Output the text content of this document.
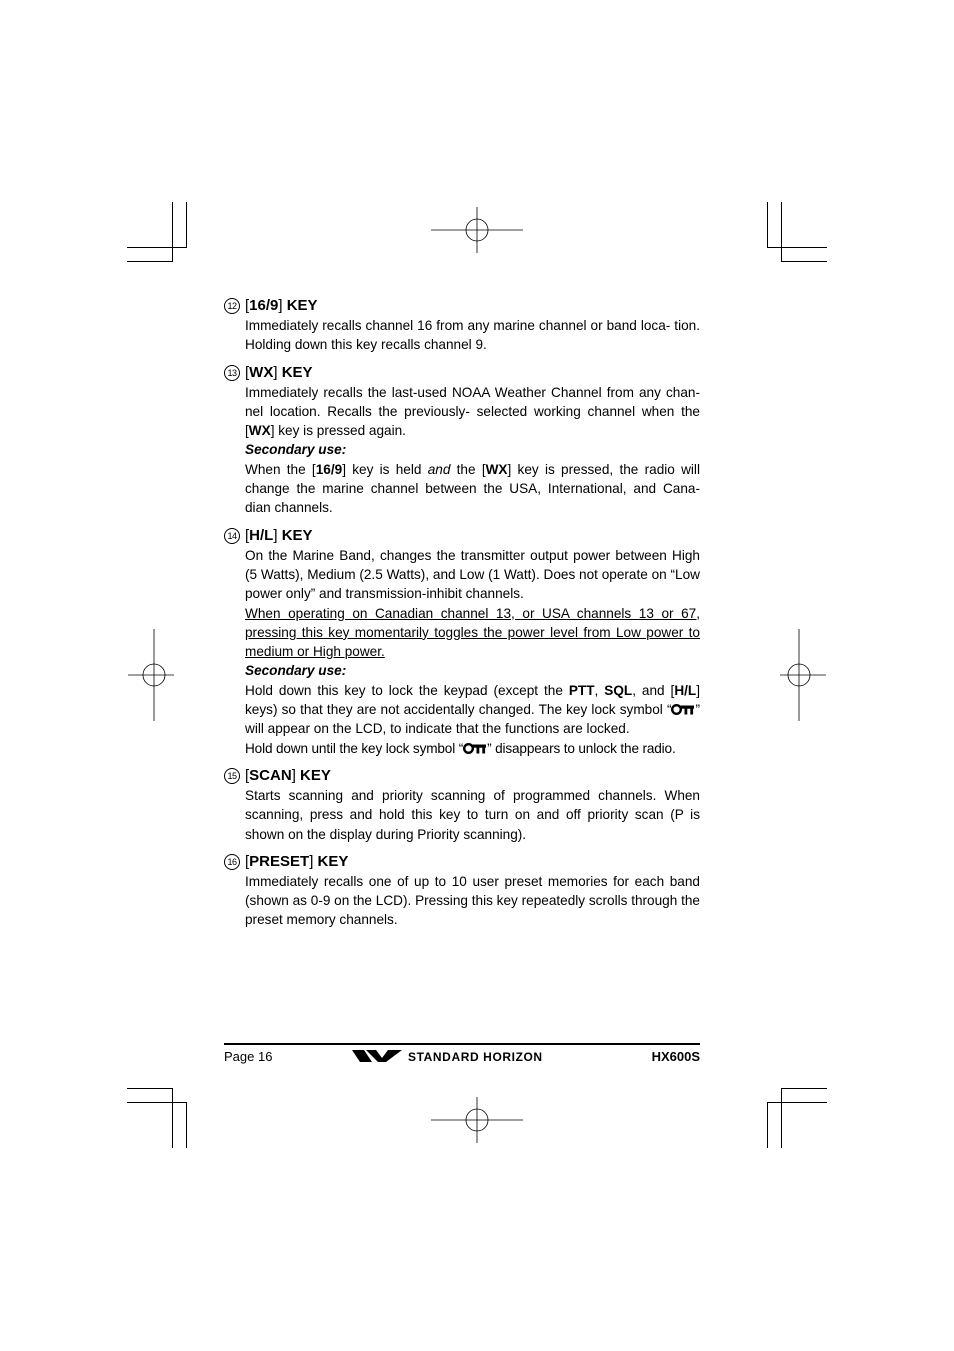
12 [16/9] KEY

Immediately recalls channel 16 from any marine channel or band loca- tion. Holding down this key recalls channel 9.

13 [WX] KEY

Immediately recalls the last-used NOAA Weather Channel from any chan- nel location. Recalls the previously- selected working channel when the [WX] key is pressed again.

Secondary use:

When the [16/9] key is held and the [WX] key is pressed, the radio will change the marine channel between the USA, International, and Cana- dian channels.

14 [H/L] KEY

On the Marine Band, changes the transmitter output power between High (5 Watts), Medium (2.5 Watts), and Low (1 Watt). Does not operate on “Low power only” and transmission-inhibit channels.

When operating on Canadian channel 13, or USA channels 13 or 67, pressing this key momentarily toggles the power level from Low power to medium or High power.

Secondary use:

Hold down this key to lock the keypad (except the PTT, SQL, and [H/L] keys) so that they are not accidentally changed. The key lock symbol “ ” will appear on the LCD, to indicate that the functions are locked.

Hold down until the key lock symbol “ ” disappears to unlock the radio.

15 [SCAN] KEY

Starts scanning and priority scanning of programmed channels. When scanning, press and hold this key to turn on and off priority scan (P is shown on the display during Priority scanning).

16 [PRESET] KEY

Immediately recalls one of up to 10 user preset memories for each band (shown as 0-9 on the LCD). Pressing this key repeatedly scrolls through the preset memory channels.

Page 16	STANDARD HORIZON	HX600S
